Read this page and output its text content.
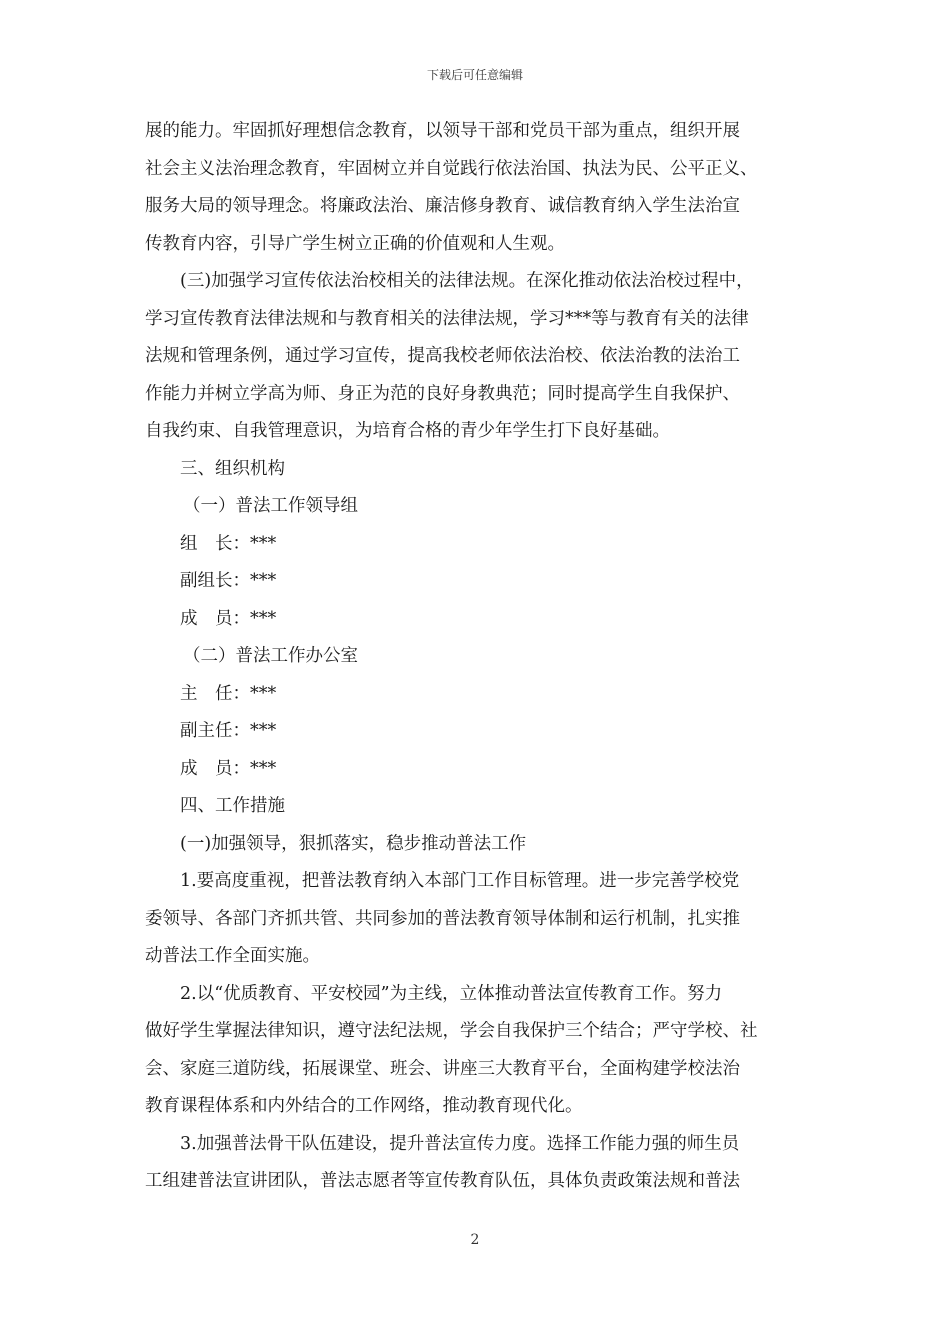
下载后可任意编辑

展的能力。牢固抓好理想信念教育，以领导干部和党员干部为重点，组织开展

社会主义法治理念教育，牢固树立并自觉践行依法治国、执法为民、公平正义、

服务大局的领导理念。将廉政法治、廉洁修身教育、诚信教育纳入学生法治宣

传教育内容，引导广学生树立正确的价值观和人生观。

(三)加强学习宣传依法治校相关的法律法规。在深化推动依法治校过程中，

学习宣传教育法律法规和与教育相关的法律法规，学习***等与教育有关的法律

法规和管理条例，通过学习宣传，提高我校老师依法治校、依法治教的法治工

作能力并树立学高为师、身正为范的良好身教典范；同时提高学生自我保护、

自我约束、自我管理意识，为培育合格的青少年学生打下良好基础。

三、组织机构

（一）普法工作领导组

组　长：***

副组长：***

成　员：***

（二）普法工作办公室

主　任：***

副主任：***

成　员：***

四、工作措施

(一)加强领导，狠抓落实，稳步推动普法工作

1.要高度重视，把普法教育纳入本部门工作目标管理。进一步完善学校党

委领导、各部门齐抓共管、共同参加的普法教育领导体制和运行机制，扎实推

动普法工作全面实施。

2.以“优质教育、平安校园”为主线，立体推动普法宣传教育工作。努力

做好学生掌握法律知识，遵守法纪法规，学会自我保护三个结合；严守学校、社

会、家庭三道防线，拓展课堂、班会、讲座三大教育平台，全面构建学校法治

教育课程体系和内外结合的工作网络，推动教育现代化。

3.加强普法骨干队伍建设，提升普法宣传力度。选择工作能力强的师生员

工组建普法宣讲团队，普法志愿者等宣传教育队伍，具体负责政策法规和普法

2
